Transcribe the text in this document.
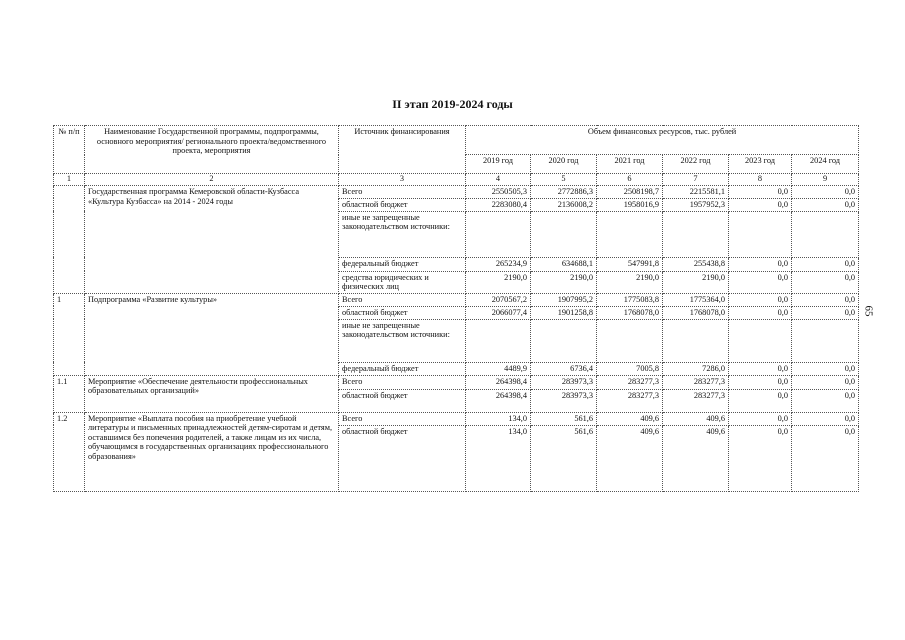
II этап 2019-2024 годы
№ п/п	Наименование Государственной программы, подпрограммы, основного мероприятия/ регионального проекта/ведомственного проекта, мероприятия	Источник финансирования	Объем финансовых ресурсов, тыс. рублей					
			2019 год	2020 год	2021 год	2022 год	2023 год	2024 год
1	2	3	4	5	6	7	8	9
	Государственная программа Кемеровской области-Кузбасса «Культура Кузбасса» на 2014 - 2024 годы	Всего	2550505,3	2772886,3	2508198,7	2215581,1	0,0	0,0
		областной бюджет	2283080,4	2136008,2	1958016,9	1957952,3	0,0	0,0
		иные не запрещенные законодательством источники:						
		федеральный бюджет	265234,9	634688,1	547991,8	255438,8	0,0	0,0
		средства юридических и физических лиц	2190,0	2190,0	2190,0	2190,0	0,0	0,0
1	Подпрограмма «Развитие культуры»	Всего	2070567,2	1907995,2	1775083,8	1775364,0	0,0	0,0
		областной бюджет	2066077,4	1901258,8	1768078,0	1768078,0	0,0	0,0
		иные не запрещенные законодательством источники:						
		федеральный бюджет	4489,9	6736,4	7005,8	7286,0	0,0	0,0
1.1	Мероприятие «Обеспечение деятельности профессиональных образовательных организаций»	Всего	264398,4	283973,3	283277,3	283277,3	0,0	0,0
		областной бюджет	264398,4	283973,3	283277,3	283277,3	0,0	0,0
1.2	Мероприятие «Выплата пособия на приобретение учебной литературы и письменных принадлежностей детям-сиротам и детям, оставшимся без попечения родителей, а также лицам из их числа, обучающимся в государственных организациях профессионального образования»	Всего	134,0	561,6	409,6	409,6	0,0	0,0
		областной бюджет	134,0	561,6	409,6	409,6	0,0	0,0
65
